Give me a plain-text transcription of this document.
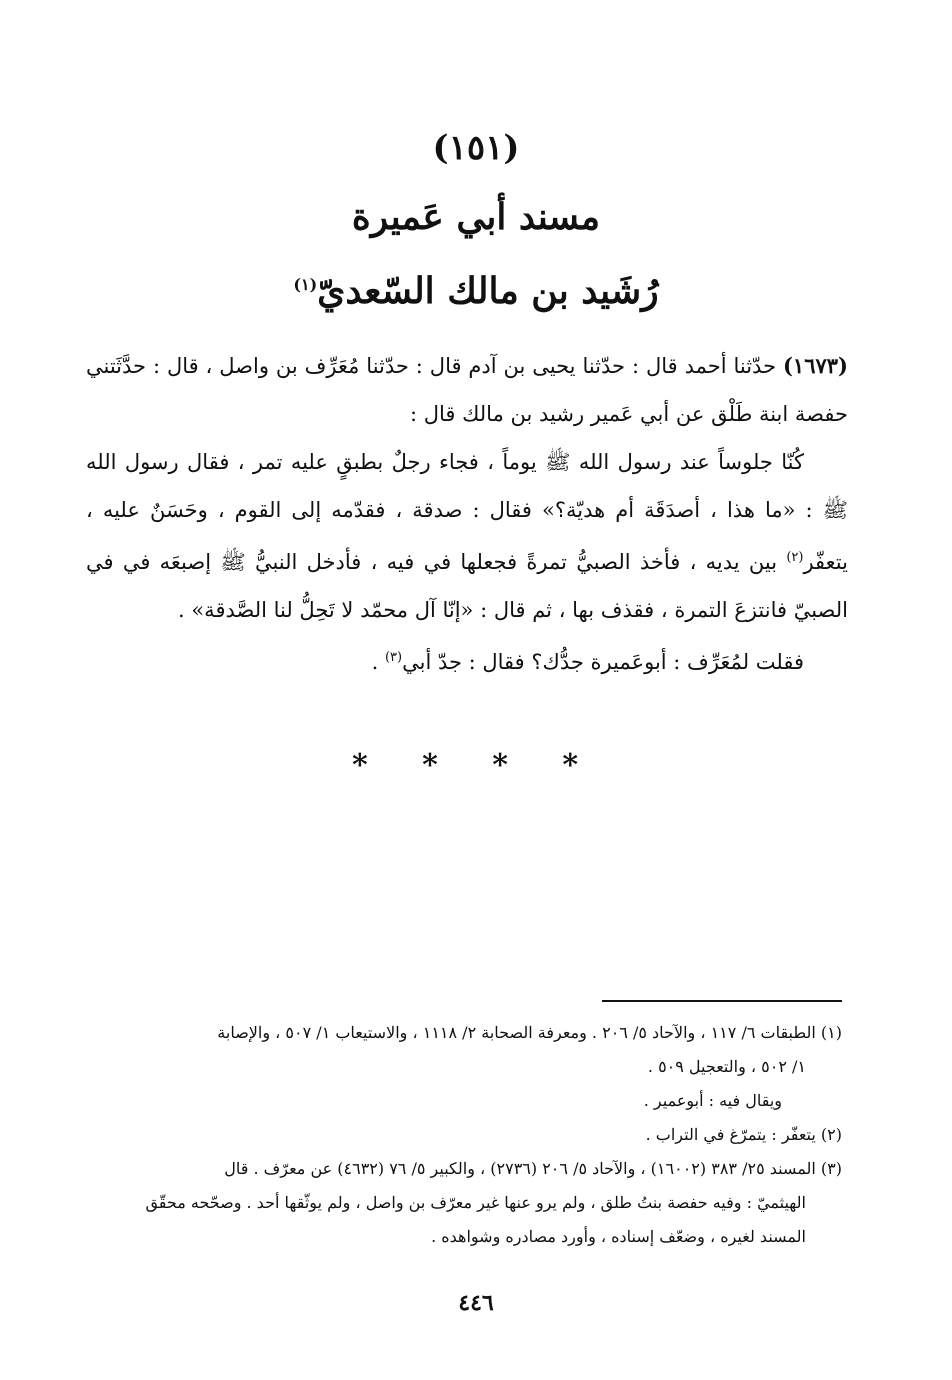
(١٥١)
مسند أبي عَميرة
رُشَيد بن مالك السّعديّ$^{(١)}$

(١٦٧٣) حدّثنا أحمد قال : حدّثنا يحيى بن آدم قال : حدّثنا مُعَرِّف بن واصل ، قال : حدَّثَتني حفصة ابنة طَلْق عن أبي عَمير رشيد بن مالك قال :

كُنّا جلوساً عند رسول الله ﷺ يوماً ، فجاء رجلٌ بطبقٍ عليه تمر ، فقال رسول الله ﷺ : «ما هذا ، أصدَقَة أم هديّة؟» فقال : صدقة ، فقدّمه إلى القوم ، وحَسَنٌ عليه ، يتعفّر$^{(٢)}$ بين يديه ، فأخذ الصبيُّ تمرةً فجعلها في فيه ، فأدخل النبيُّ ﷺ إصبعَه في في الصبيّ فانتزعَ التمرة ، فقذف بها ، ثم قال : «إنّا آل محمّد لا تَحِلُّ لنا الصَّدقة» .

فقلت لمُعَرِّف : أبوعَميرة جدُّك؟ فقال : جدّ أبي$^{(٣)}$ .

* * * *

(١) الطبقات ٦/ ١١٧ ، والآحاد ٥/ ٢٠٦ . ومعرفة الصحابة ٢/ ١١١٨ ، والاستيعاب ١/ ٥٠٧ ، والإصابة

١/ ٥٠٢ ، والتعجيل ٥٠٩ .

ويقال فيه : أبوعمير .

(٢) يتعفّر : يتمرّغ في التراب .

(٣) المسند ٢٥/ ٣٨٣ (١٦٠٠٢) ، والآحاد ٥/ ٢٠٦ (٢٧٣٦) ، والكبير ٥/ ٧٦ (٤٦٣٢) عن معرّف . قال

الهيثميّ : وفيه حفصة بنتُ طلق ، ولم يرو عنها غير معرّف بن واصل ، ولم يوثّقها أحد . وصحّحه محقّق

المسند لغيره ، وضعّف إسناده ، وأورد مصادره وشواهده .

٤٤٦
